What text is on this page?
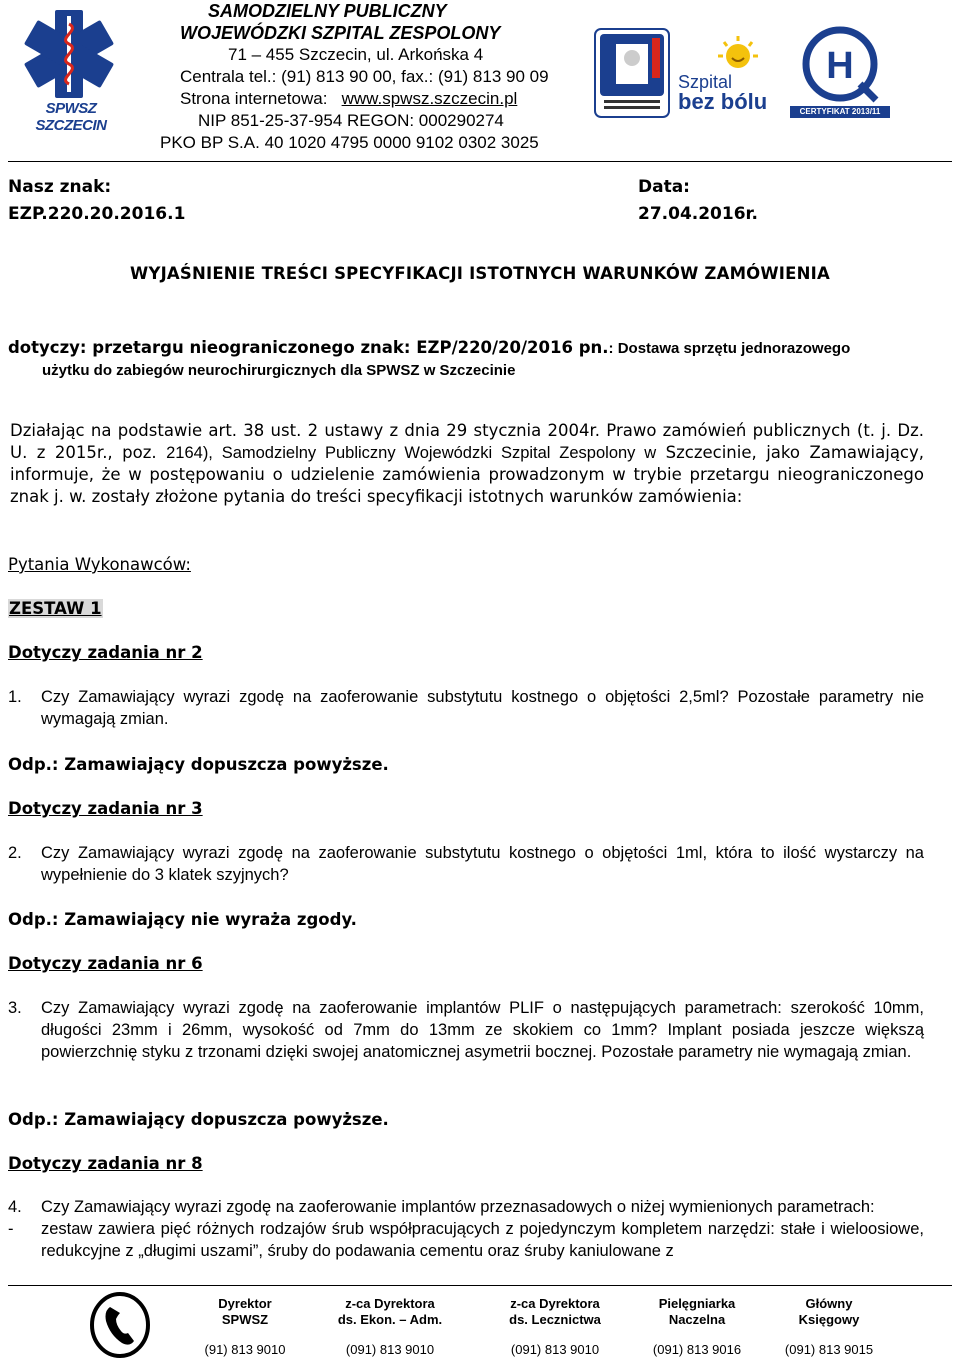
SPWSZ SZCZECIN
SAMODZIELNY PUBLICZNY
WOJEWÓDZKI SZPITAL ZESPOLONY
71 – 455 Szczecin, ul. Arkońska 4
Centrala tel.: (91) 813 90 00, fax.: (91) 813 90 09
Strona internetowa:   www.spwsz.szczecin.pl
NIP 851-25-37-954 REGON: 000290274
PKO BP S.A. 40 1020 4795 0000 9102 0302 3025
Szpital
bez bólu
H
CERTYFIKAT 2013/11
Nasz znak:
EZP.220.20.2016.1
Data:
27.04.2016r.
WYJAŚNIENIE TREŚCI SPECYFIKACJI ISTOTNYCH WARUNKÓW ZAMÓWIENIA
dotyczy: przetargu nieograniczonego znak: EZP/220/20/2016 pn.: Dostawa sprzętu jednorazowego
użytku do zabiegów neurochirurgicznych dla SPWSZ w Szczecinie
Działając na podstawie art. 38 ust. 2 ustawy z dnia 29 stycznia 2004r. Prawo zamówień publicznych (t. j. Dz. U. z 2015r., poz. 2164), Samodzielny Publiczny Wojewódzki Szpital Zespolony w Szczecinie, jako Zamawiający, informuje, że w postępowaniu o udzielenie zamówienia prowadzonym w trybie przetargu nieograniczonego znak j. w. zostały złożone pytania do treści specyfikacji istotnych warunków zamówienia:
Pytania Wykonawców:
ZESTAW 1
Dotyczy zadania nr 2
1. Czy Zamawiający wyrazi zgodę na zaoferowanie substytutu kostnego o objętości 2,5ml? Pozostałe parametry nie wymagają zmian.
Odp.: Zamawiający dopuszcza powyższe.
Dotyczy zadania nr 3
2. Czy Zamawiający wyrazi zgodę na zaoferowanie substytutu kostnego o objętości 1ml, która to ilość wystarczy na wypełnienie do 3 klatek szyjnych?
Odp.: Zamawiający nie wyraża zgody.
Dotyczy zadania nr 6
3. Czy Zamawiający wyrazi zgodę na zaoferowanie implantów PLIF o następujących parametrach: szerokość 10mm, długości 23mm i 26mm, wysokość od 7mm do 13mm ze skokiem co 1mm? Implant posiada jeszcze większą powierzchnię styku z trzonami dzięki swojej anatomicznej asymetrii bocznej. Pozostałe parametry nie wymagają zmian.
Odp.: Zamawiający dopuszcza powyższe.
Dotyczy zadania nr 8
4. Czy Zamawiający wyrazi zgodę na zaoferowanie implantów przeznasadowych o niżej wymienionych parametrach:
- zestaw zawiera pięć różnych rodzajów śrub współpracujących z pojedynczym kompletem narzędzi: stałe i wieloosiowe, redukcyjne z „długimi uszami”, śruby do podawania cementu oraz śruby kaniulowane z
Dyrektor
SPWSZ
(91) 813 9010
z-ca Dyrektora
ds. Ekon. – Adm.
(091) 813 9010
z-ca Dyrektora
ds. Lecznictwa
(091) 813 9010
Pielęgniarka
Naczelna
(091) 813 9016
Główny
Księgowy
(091) 813 9015
